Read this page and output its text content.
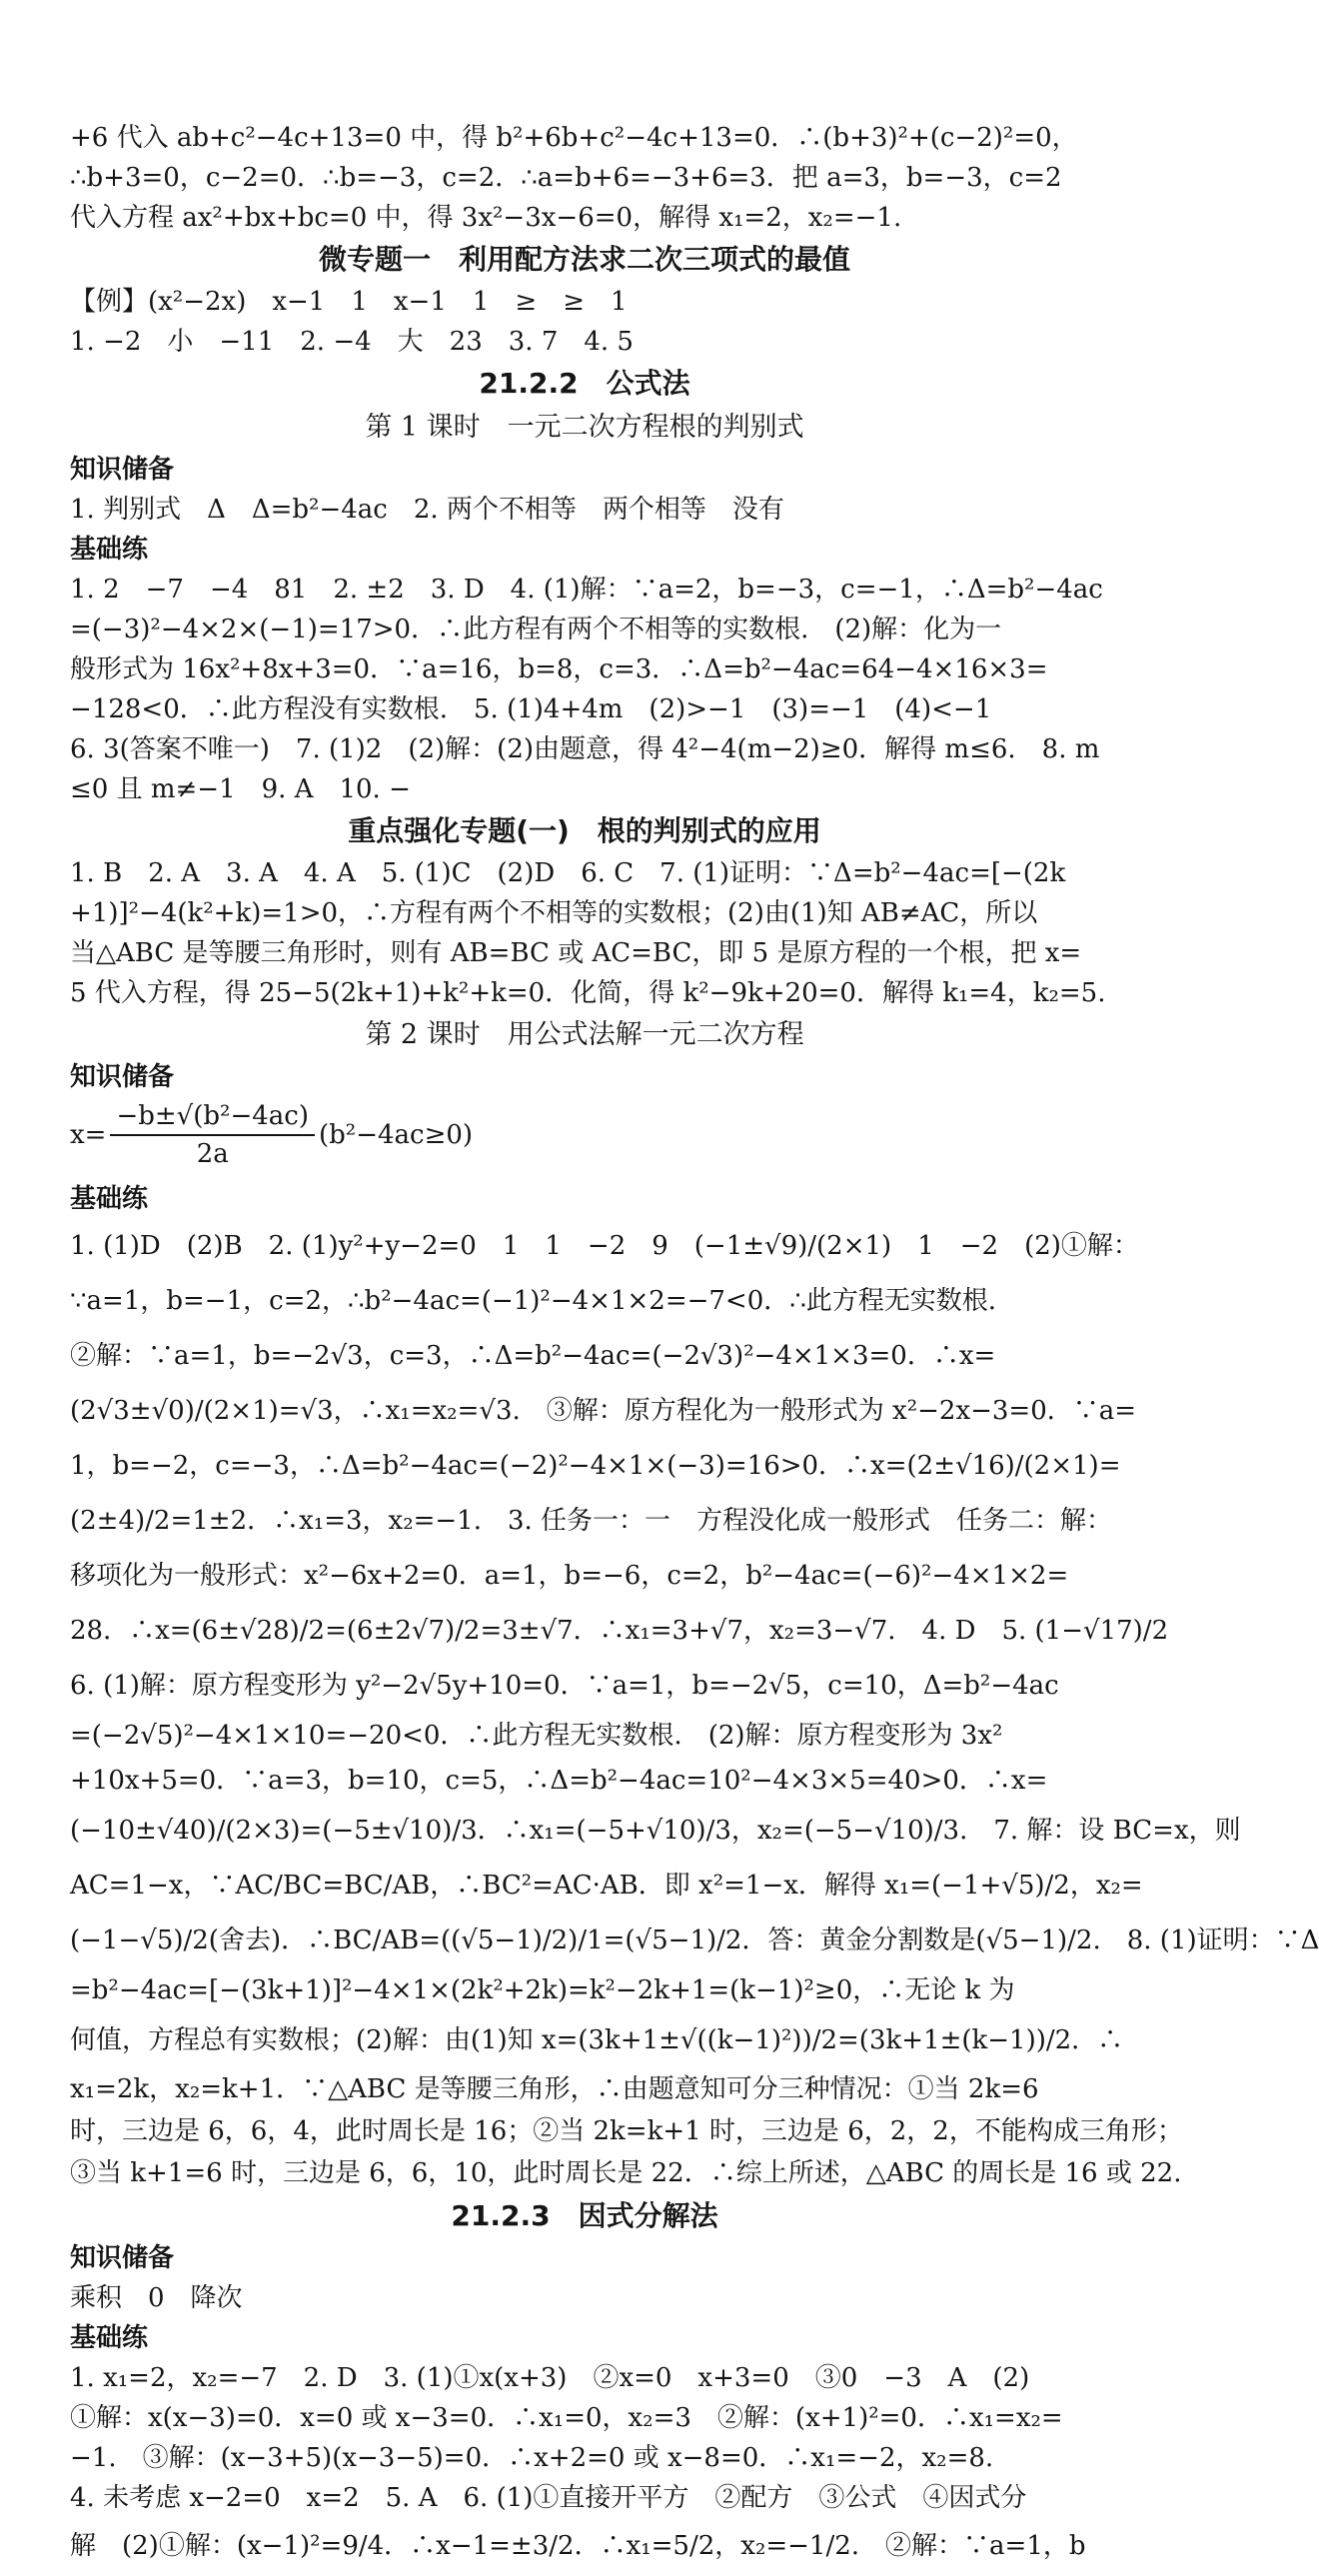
+6 代入 ab+c²−4c+13=0 中，得 b²+6b+c²−4c+13=0．∴(b+3)²+(c−2)²=0，
∴b+3=0，c−2=0．∴b=−3，c=2．∴a=b+6=−3+6=3．把 a=3，b=−3，c=2
代入方程 ax²+bx+bc=0 中，得 3x²−3x−6=0，解得 x₁=2，x₂=−1.
微专题一　利用配方法求二次三项式的最值
【例】(x²−2x)　x−1　1　x−1　1　≥　≥　1
1. −2　小　−11　2. −4　大　23　3. 7　4. 5
21.2.2　公式法
第 1 课时　一元二次方程根的判别式
知识储备
1. 判别式　Δ　Δ=b²−4ac　2. 两个不相等　两个相等　没有
基础练
1. 2　−7　−4　81　2. ±2　3. D　4. (1)解：∵a=2，b=−3，c=−1，∴Δ=b²−4ac
=(−3)²−4×2×(−1)=17>0．∴此方程有两个不相等的实数根.　(2)解：化为一
般形式为 16x²+8x+3=0．∵a=16，b=8，c=3．∴Δ=b²−4ac=64−4×16×3=
−128<0．∴此方程没有实数根.　5. (1)4+4m　(2)>−1　(3)=−1　(4)<−1
6. 3(答案不唯一)　7. (1)2　(2)解：(2)由题意，得 4²−4(m−2)≥0．解得 m≤6.　8. m
≤0 且 m≠−1　9. A　10. −
重点强化专题(一)　根的判别式的应用
1. B　2. A　3. A　4. A　5. (1)C　(2)D　6. C　7. (1)证明：∵Δ=b²−4ac=[−(2k
+1)]²−4(k²+k)=1>0，∴方程有两个不相等的实数根；(2)由(1)知 AB≠AC，所以
当△ABC 是等腰三角形时，则有 AB=BC 或 AC=BC，即 5 是原方程的一个根，把 x=
5 代入方程，得 25−5(2k+1)+k²+k=0．化简，得 k²−9k+20=0．解得 k₁=4，k₂=5.
第 2 课时　用公式法解一元二次方程
知识储备
$x= \frac{\text{−b±√(b²−4ac)}}{2a} (b^2-4ac\ge 0)$
基础练
1. (1)D　(2)B　2. (1)y²+y−2=0　1　1　−2　9　(−1±√9)/(2×1)　1　−2　(2)①解：
∵a=1，b=−1，c=2，∴b²−4ac=(−1)²−4×1×2=−7<0．∴此方程无实数根.
②解：∵a=1，b=−2√3，c=3，∴Δ=b²−4ac=(−2√3)²−4×1×3=0．∴x=
(2√3±√0)/(2×1)=√3，∴x₁=x₂=√3.　③解：原方程化为一般形式为 x²−2x−3=0．∵a=
1，b=−2，c=−3，∴Δ=b²−4ac=(−2)²−4×1×(−3)=16>0．∴x=(2±√16)/(2×1)=
(2±4)/2=1±2．∴x₁=3，x₂=−1.　3. 任务一：一　方程没化成一般形式　任务二：解：
移项化为一般形式：x²−6x+2=0．a=1，b=−6，c=2，b²−4ac=(−6)²−4×1×2=
28．∴x=(6±√28)/2=(6±2√7)/2=3±√7．∴x₁=3+√7，x₂=3−√7.　4. D　5. (1−√17)/2
6. (1)解：原方程变形为 y²−2√5y+10=0．∵a=1，b=−2√5，c=10，Δ=b²−4ac
=(−2√5)²−4×1×10=−20<0．∴此方程无实数根.　(2)解：原方程变形为 3x²
+10x+5=0．∵a=3，b=10，c=5，∴Δ=b²−4ac=10²−4×3×5=40>0．∴x=
(−10±√40)/(2×3)=(−5±√10)/3．∴x₁=(−5+√10)/3，x₂=(−5−√10)/3.　7. 解：设 BC=x，则
AC=1−x，∵AC/BC=BC/AB，∴BC²=AC·AB．即 x²=1−x．解得 x₁=(−1+√5)/2，x₂=
(−1−√5)/2(舍去)．∴BC/AB=((√5−1)/2)/1=(√5−1)/2．答：黄金分割数是(√5−1)/2.　8. (1)证明：∵Δ
=b²−4ac=[−(3k+1)]²−4×1×(2k²+2k)=k²−2k+1=(k−1)²≥0，∴无论 k 为
何值，方程总有实数根；(2)解：由(1)知 x=(3k+1±√((k−1)²))/2=(3k+1±(k−1))/2．∴
x₁=2k，x₂=k+1．∵△ABC 是等腰三角形，∴由题意知可分三种情况：①当 2k=6
时，三边是 6，6，4，此时周长是 16；②当 2k=k+1 时，三边是 6，2，2，不能构成三角形；
③当 k+1=6 时，三边是 6，6，10，此时周长是 22．∴综上所述，△ABC 的周长是 16 或 22.
21.2.3　因式分解法
知识储备
乘积　0　降次
基础练
1. x₁=2，x₂=−7　2. D　3. (1)①x(x+3)　②x=0　x+3=0　③0　−3　A　(2)
①解：x(x−3)=0．x=0 或 x−3=0．∴x₁=0，x₂=3　②解：(x+1)²=0．∴x₁=x₂=
−1.　③解：(x−3+5)(x−3−5)=0．∴x+2=0 或 x−8=0．∴x₁=−2，x₂=8.
4. 未考虑 x−2=0　x=2　5. A　6. (1)①直接开平方　②配方　③公式　④因式分
解　(2)①解：(x−1)²=9/4．∴x−1=±3/2．∴x₁=5/2，x₂=−1/2.　②解：∵a=1，b
